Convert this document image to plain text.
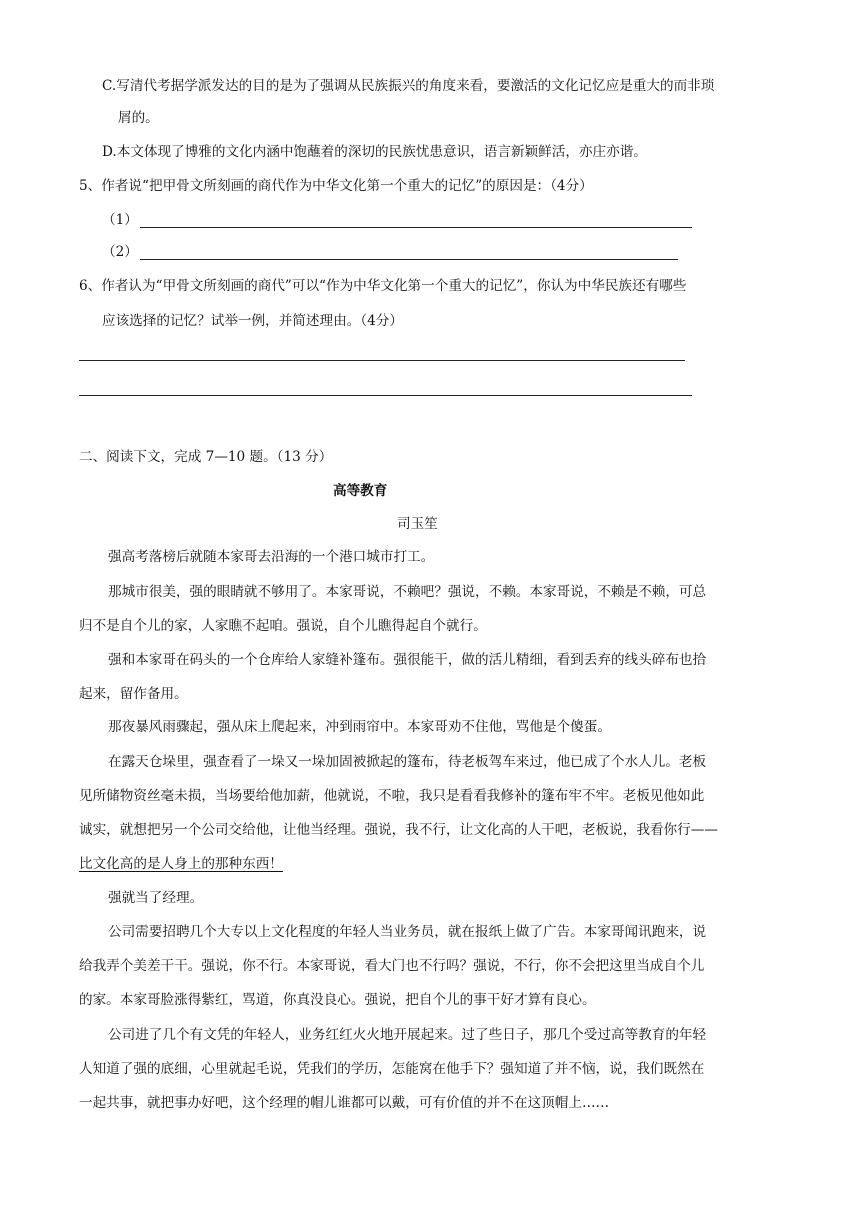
C.写清代考据学派发达的目的是为了强调从民族振兴的角度来看，要激活的文化记忆应是重大的而非琐
屑的。
D.本文体现了博雅的文化内涵中饱蘸着的深切的民族忧患意识，语言新颖鲜活，亦庄亦谐。
5、作者说“把甲骨文所刻画的商代作为中华文化第一个重大的记忆”的原因是：（4分）
（1）
（2）
6、作者认为“甲骨文所刻画的商代”可以“作为中华文化第一个重大的记忆”，你认为中华民族还有哪些
应该选择的记忆？试举一例，并简述理由。（4分）
二、阅读下文，完成 7—10 题。（13 分）
高等教育
司玉笙
强高考落榜后就随本家哥去沿海的一个港口城市打工。
那城市很美，强的眼睛就不够用了。本家哥说，不赖吧？强说，不赖。本家哥说，不赖是不赖，可总
归不是自个儿的家，人家瞧不起咱。强说，自个儿瞧得起自个就行。
强和本家哥在码头的一个仓库给人家缝补篷布。强很能干，做的活儿精细，看到丢弃的线头碎布也拾
起来，留作备用。
那夜暴风雨骤起，强从床上爬起来，冲到雨帘中。本家哥劝不住他，骂他是个傻蛋。
在露天仓垛里，强查看了一垛又一垛加固被掀起的篷布，待老板驾车来过，他已成了个水人儿。老板
见所储物资丝毫未损，当场要给他加薪，他就说，不啦，我只是看看我修补的篷布牢不牢。老板见他如此
诚实，就想把另一个公司交给他，让他当经理。强说，我不行，让文化高的人干吧，老板说，我看你行——
比文化高的是人身上的那种东西！
强就当了经理。
公司需要招聘几个大专以上文化程度的年轻人当业务员，就在报纸上做了广告。本家哥闻讯跑来，说
给我弄个美差干干。强说，你不行。本家哥说，看大门也不行吗？强说，不行，你不会把这里当成自个儿
的家。本家哥脸涨得紫红，骂道，你真没良心。强说，把自个儿的事干好才算有良心。
公司进了几个有文凭的年轻人，业务红红火火地开展起来。过了些日子，那几个受过高等教育的年轻
人知道了强的底细，心里就起毛说，凭我们的学历，怎能窝在他手下？强知道了并不恼，说，我们既然在
一起共事，就把事办好吧，这个经理的帽儿谁都可以戴，可有价值的并不在这顶帽上……
